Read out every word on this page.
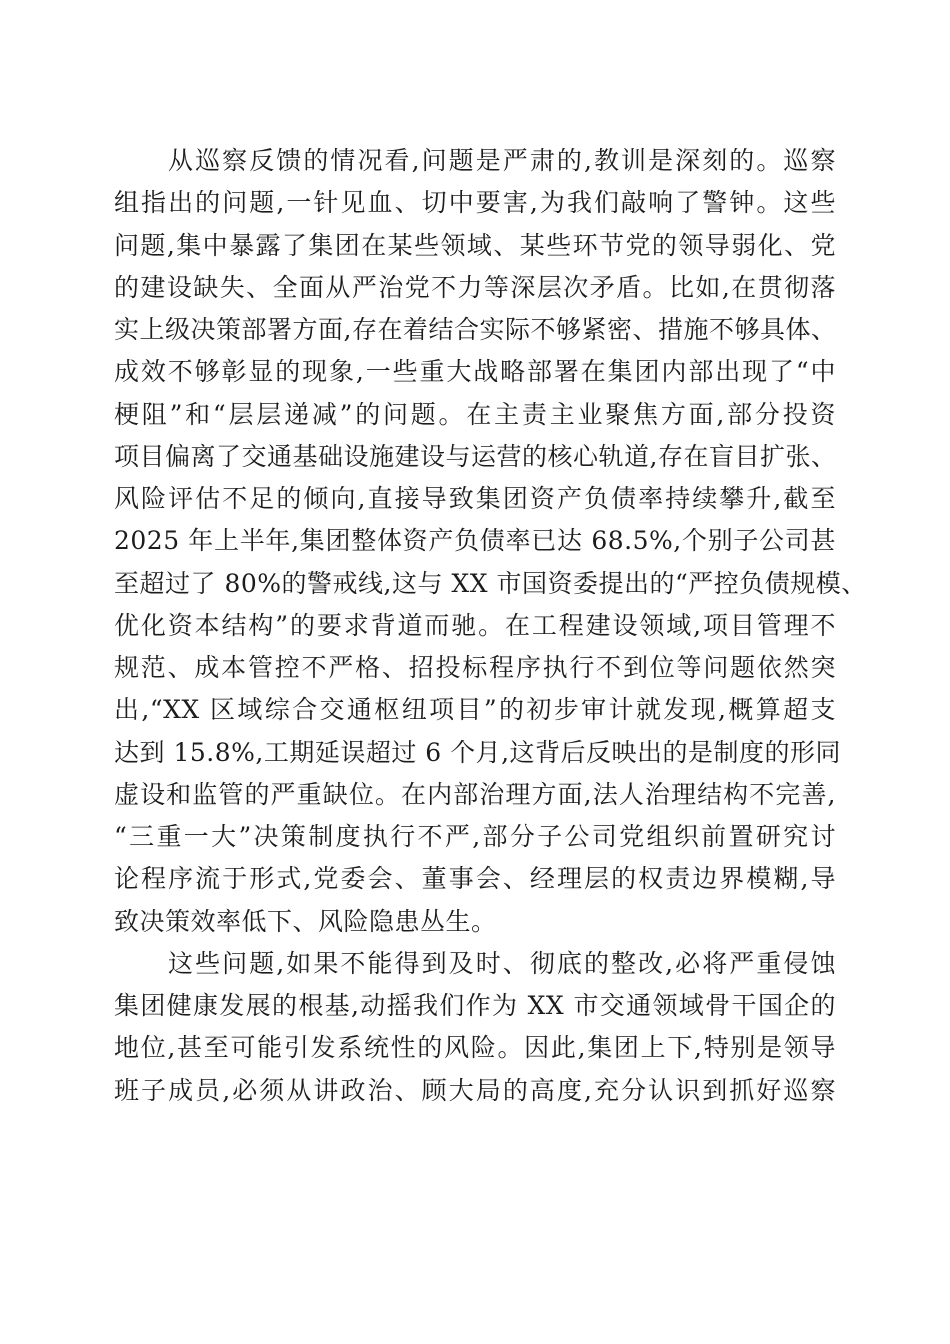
从巡察反馈的情况看,问题是严肃的,教训是深刻的。巡察
组指出的问题,一针见血、切中要害,为我们敲响了警钟。这些
问题,集中暴露了集团在某些领域、某些环节党的领导弱化、党
的建设缺失、全面从严治党不力等深层次矛盾。比如,在贯彻落
实上级决策部署方面,存在着结合实际不够紧密、措施不够具体、
成效不够彰显的现象,一些重大战略部署在集团内部出现了“中
梗阻”和“层层递减”的问题。在主责主业聚焦方面,部分投资
项目偏离了交通基础设施建设与运营的核心轨道,存在盲目扩张、
风险评估不足的倾向,直接导致集团资产负债率持续攀升,截至
2025 年上半年,集团整体资产负债率已达 68.5%,个别子公司甚
至超过了 80%的警戒线,这与 XX 市国资委提出的“严控负债规模、
优化资本结构”的要求背道而驰。在工程建设领域,项目管理不
规范、成本管控不严格、招投标程序执行不到位等问题依然突
出,“XX 区域综合交通枢纽项目”的初步审计就发现,概算超支
达到 15.8%,工期延误超过 6 个月,这背后反映出的是制度的形同
虚设和监管的严重缺位。在内部治理方面,法人治理结构不完善,
“三重一大”决策制度执行不严,部分子公司党组织前置研究讨
论程序流于形式,党委会、董事会、经理层的权责边界模糊,导
致决策效率低下、风险隐患丛生。
这些问题,如果不能得到及时、彻底的整改,必将严重侵蚀
集团健康发展的根基,动摇我们作为 XX 市交通领域骨干国企的
地位,甚至可能引发系统性的风险。因此,集团上下,特别是领导
班子成员,必须从讲政治、顾大局的高度,充分认识到抓好巡察
